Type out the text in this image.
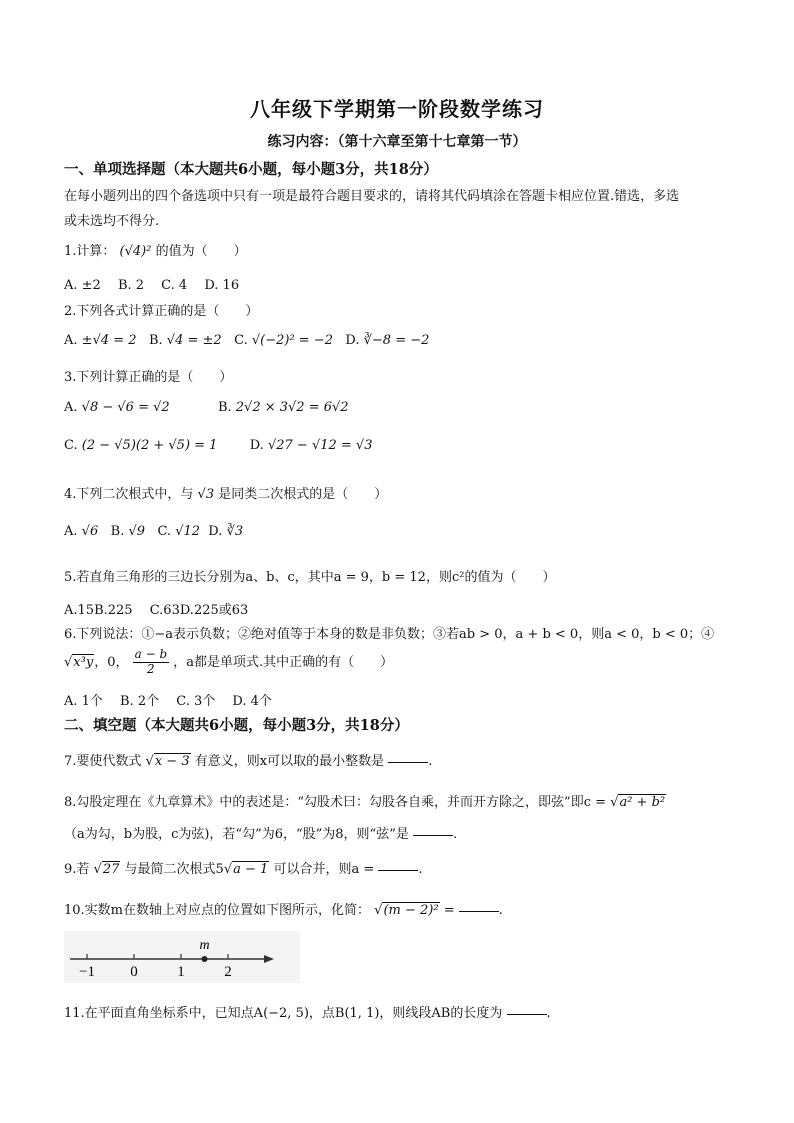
八年级下学期第一阶段数学练习
练习内容：（第十六章至第十七章第一节）
一、单项选择题（本大题共6小题，每小题3分，共18分）
在每小题列出的四个备选项中只有一项是最符合题目要求的，请将其代码填涂在答题卡相应位置.错选，多选
或未选均不得分.
1.计算： (√4)² 的值为（　　）
A. ±2　 B. 2 　C. 4 　D. 16
2.下列各式计算正确的是（　　）
A. ±√4 = 2 B. √4 = ±2 C. √(−2)² = −2 D. ∛−8 = −2
3.下列计算正确的是（　　）
A. √8 − √6 = √2	B. 2√2 × 3√2 = 6√2
C. (2 − √5)(2 + √5) = 1 D. √27 − √12 = √3
4.下列二次根式中，与 √3 是同类二次根式的是（　　）
A. √6 B. √9 C. √12 D. ∛3
5.若直角三角形的三边长分别为a、b、c，其中a = 9，b = 12，则c²的值为（　　）
A.15B.225　 C.63D.225或63
6.下列说法：①−a表示负数；②绝对值等于本身的数是非负数；③若ab > 0，a + b < 0，则a < 0，b < 0；④
√x³y，0， $\frac{a - b}{2}$ ，a都是单项式.其中正确的有（　　）
A. 1个　 B. 2个　 C. 3个　 D. 4个
二、填空题（本大题共6小题，每小题3分，共18分）
7.要使代数式 √x − 3 有意义，则x可以取的最小整数是	.
8.勾股定理在《九章算术》中的表述是：“勾股术曰：勾股各自乘，并而开方除之，即弦”即c = √a² + b²
（a为勾，b为股，c为弦)，若“勾”为6，“股”为8，则“弦”是	.
9.若 √27 与最简二次根式5√a − 1 可以合并，则a =	.
10.实数m在数轴上对应点的位置如下图所示，化简： √(m − 2)² =	.
−1 0	1	2
m
11.在平面直角坐标系中，已知点A(−2, 5)，点B(1, 1)，则线段AB的长度为	.
